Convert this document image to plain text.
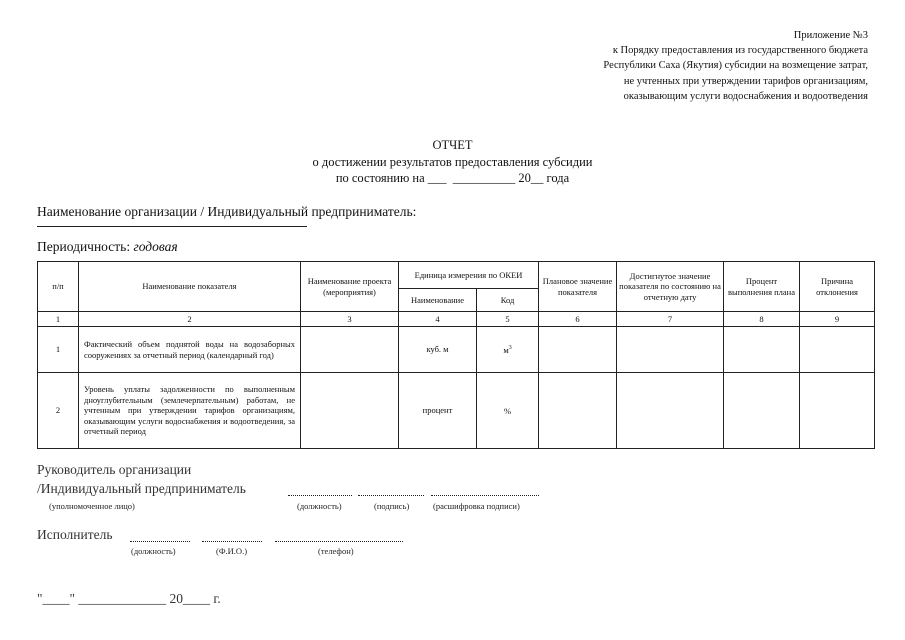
Приложение №3
к Порядку предоставления из государственного бюджета
Республики Саха (Якутия) субсидии на возмещение затрат,
не учтенных при утверждении тарифов организациям,
оказывающим услуги водоснабжения и водоотведения
ОТЧЕТ
о достижении результатов предоставления субсидии
по состоянию на ___  __________ 20__ года
Наименование организации / Индивидуальный предприниматель:
Периодичность: годовая
п/п	Наименование показателя	Наименование проекта (мероприятия)	Единица измерения по ОКЕИ		Плановое значение показателя	Достигнутое значение показателя по состоянию на отчетную дату	Процент выполнения плана	Причина отклонения
			Наименование	Код				
1	2	3	4	5	6	7	8	9
1	Фактический объем поднятой воды на водозаборных сооружениях за отчетный период (календарный год)		куб. м	$м^3$				
2	Уровень уплаты задолженности по выполненным дноуглубительным (землечерпательным) работам, не учтенным при утверждении тарифов организациям, оказывающим услуги водоснабжения и водоотведения, за отчетный период		процент	%				
Руководитель организации
/Индивидуальный предприниматель
(уполномоченное лицо)	(должность)	(подпись)	(расшифровка подписи)
Исполнитель
(должность)	(Ф.И.О.)	(телефон)
"____" _____________ 20____ г.
